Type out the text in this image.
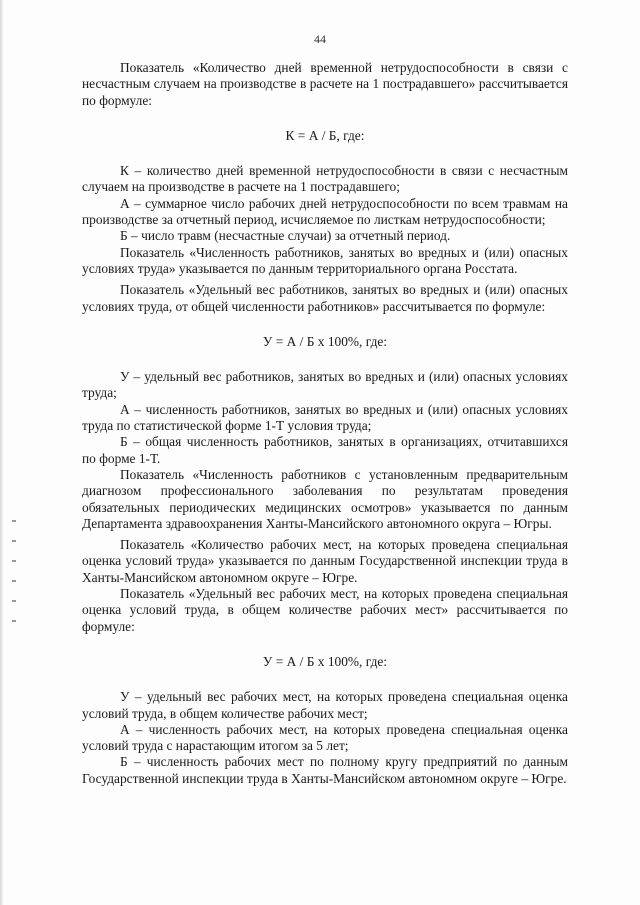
44

Показатель «Количество дней временной нетрудоспособности в связи с несчастным случаем на производстве в расчете на 1 пострадавшего» рассчитывается по формуле:

К = А / Б, где:

К – количество дней временной нетрудоспособности в связи с несчастным случаем на производстве в расчете на 1 пострадавшего;

А – суммарное число рабочих дней нетрудоспособности по всем травмам на производстве за отчетный период, исчисляемое по листкам нетрудоспособности;

Б – число травм (несчастные случаи) за отчетный период.

Показатель «Численность работников, занятых во вредных и (или) опасных условиях труда» указывается по данным территориального органа Росстата.

Показатель «Удельный вес работников, занятых во вредных и (или) опасных условиях труда, от общей численности работников» рассчитывается по формуле:

У = А / Б х 100%, где:

У – удельный вес работников, занятых во вредных и (или) опасных условиях труда;

А – численность работников, занятых во вредных и (или) опасных условиях труда по статистической форме 1-Т условия труда;

Б – общая численность работников, занятых в организациях, отчитавшихся по форме 1-Т.

Показатель «Численность работников с установленным предварительным диагнозом профессионального заболевания по результатам проведения обязательных периодических медицинских осмотров» указывается по данным Департамента здравоохранения Ханты-Мансийского автономного округа – Югры.

Показатель «Количество рабочих мест, на которых проведена специальная оценка условий труда» указывается по данным Государственной инспекции труда в Ханты-Мансийском автономном округе – Югре.

Показатель «Удельный вес рабочих мест, на которых проведена специальная оценка условий труда, в общем количестве рабочих мест» рассчитывается по формуле:

У = А / Б х 100%, где:

У – удельный вес рабочих мест, на которых проведена специальная оценка условий труда, в общем количестве рабочих мест;

А – численность рабочих мест, на которых проведена специальная оценка условий труда с нарастающим итогом за 5 лет;

Б – численность рабочих мест по полному кругу предприятий по данным Государственной инспекции труда в Ханты-Мансийском автономном округе – Югре.
